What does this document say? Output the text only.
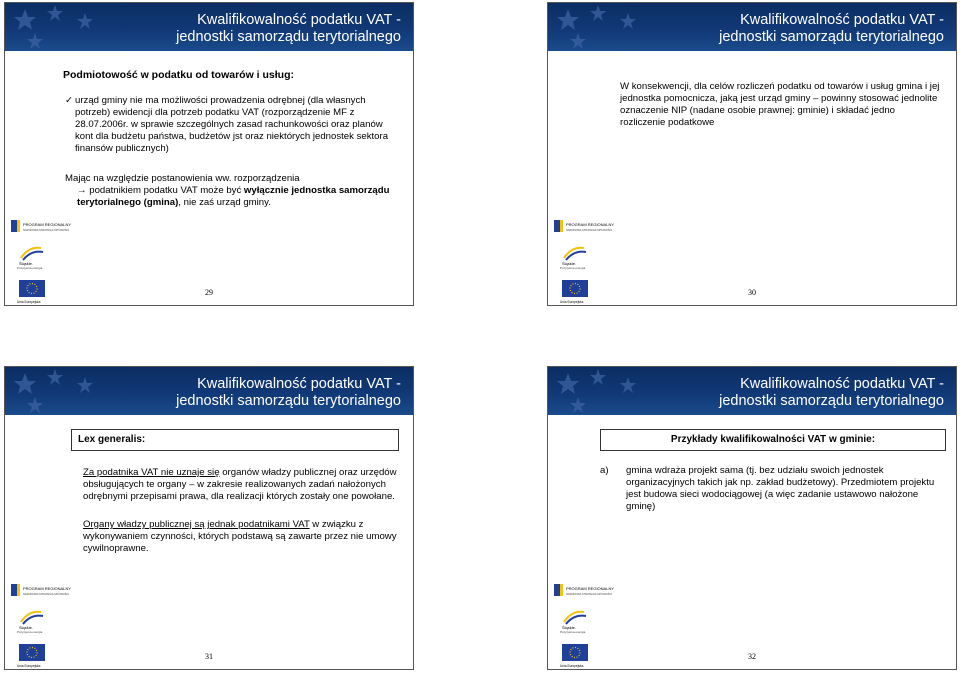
Kwalifikowalność podatku VAT -
jednostki samorządu terytorialnego
Podmiotowość w podatku od towarów i usług:
✓ urząd gminy nie ma możliwości prowadzenia odrębnej (dla własnych potrzeb) ewidencji dla potrzeb podatku VAT (rozporządzenie MF z 28.07.2006r. w sprawie szczególnych zasad rachunkowości oraz planów kont dla budżetu państwa, budżetów jst oraz niektórych jednostek sektora finansów publicznych)
Mając na względzie postanowienia ww. rozporządzenia
→ podatnikiem podatku VAT może być wyłącznie jednostka samorządu terytorialnego (gmina), nie zaś urząd gminy.
PROGRAM REGIONALNY
NARODOWA STRATEGIA SPÓJNOŚCI
Śląskie.
Pozytywna energia
Unia Europejska
29
Kwalifikowalność podatku VAT -
jednostki samorządu terytorialnego
W konsekwencji, dla celów rozliczeń podatku od towarów i usług gmina i jej jednostka pomocnicza, jaką jest urząd gminy – powinny stosować jednolite oznaczenie NIP (nadane osobie prawnej: gminie) i składać jedno rozliczenie podatkowe
PROGRAM REGIONALNY
NARODOWA STRATEGIA SPÓJNOŚCI
Śląskie.
Pozytywna energia
Unia Europejska
30
Kwalifikowalność podatku VAT -
jednostki samorządu terytorialnego
Lex generalis:
Za podatnika VAT nie uznaje się organów władzy publicznej oraz urzędów obsługujących te organy – w zakresie realizowanych zadań nałożonych odrębnymi przepisami prawa, dla realizacji których zostały one powołane.
Organy władzy publicznej są jednak podatnikami VAT w związku z wykonywaniem czynności, których podstawą są zawarte przez nie umowy cywilnoprawne.
PROGRAM REGIONALNY
NARODOWA STRATEGIA SPÓJNOŚCI
Śląskie.
Pozytywna energia
Unia Europejska
31
Kwalifikowalność podatku VAT -
jednostki samorządu terytorialnego
Przykłady kwalifikowalności VAT w gminie:
a)	gmina wdraża projekt sama (tj. bez udziału swoich jednostek organizacyjnych takich jak np. zakład budżetowy). Przedmiotem projektu jest budowa sieci wodociągowej (a więc zadanie ustawowo nałożone gminę)
PROGRAM REGIONALNY
NARODOWA STRATEGIA SPÓJNOŚCI
Śląskie.
Pozytywna energia
Unia Europejska
32
